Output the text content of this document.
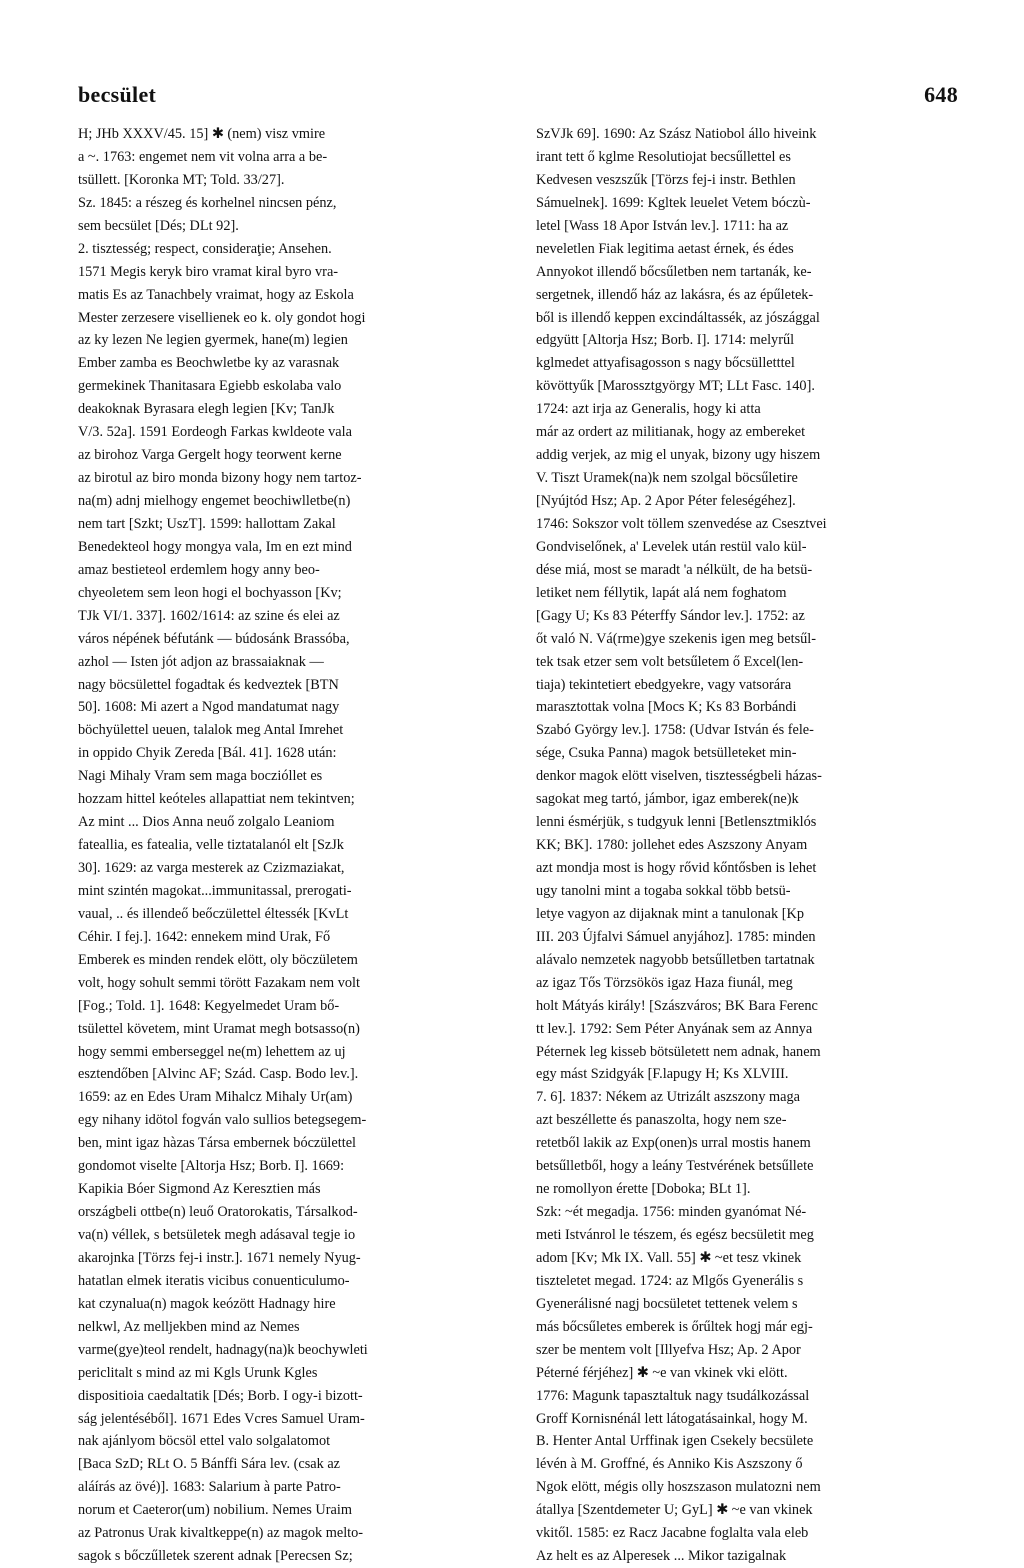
becsület	648
H; JHb XXXV/45. 15] ✱ (nem) visz vmire
a ~. 1763: engemet nem vit volna arra a be-
tsüllett. [Koronka MT; Told. 33/27].
Sz. 1845: a részeg és korhelnel nincsen pénz,
sem becsület [Dés; DLt 92].
2. tisztesség; respect, consideraţie; Ansehen.
1571 Megis keryk biro vramat kiral byro vra-
matis Es az Tanachbely vraimat, hogy az Eskola
Mester zerzesere visellienek eo k. oly gondot hogi
az ky lezen Ne legien gyermek, hane(m) legien
Ember zamba es Beochwletbe ky az varasnak
germekinek Thanitasara Egiebb eskolaba valo
deakoknak Byrasara elegh legien [Kv; TanJk
V/3. 52a]. 1591 Eordeogh Farkas kwldeote vala
az birohoz Varga Gergelt hogy teorwent kerne
az birotul az biro monda bizony hogy nem tartoz-
na(m) adnj mielhogy engemet beochiwlletbe(n)
nem tart [Szkt; UszT]. 1599: hallottam Zakal
Benedekteol hogy mongya vala, Im en ezt mind
amaz bestieteol erdemlem hogy anny beo-
chyeoletem sem leon hogi el bochyasson [Kv;
TJk VI/1. 337]. 1602/1614: az szine és elei az
város népének béfutánk — búdosánk Brassóba,
azhol — Isten jót adjon az brassaiaknak —
nagy böcsülettel fogadtak és kedveztek [BTN
50]. 1608: Mi azert a Ngod mandatumat nagy
böchyülettel ueuen, talalok meg Antal Imrehet
in oppido Chyik Zereda [Bál. 41]. 1628 után:
Nagi Mihaly Vram sem maga boczióllet es
hozzam hittel keóteles allapattiat nem tekintven;
Az mint ... Dios Anna neuő zolgalo Leaniom
fateallia, es fatealia, velle tiztatalanól elt [SzJk
30]. 1629: az varga mesterek az Czizmaziakat,
mint szintén magokat...immunitassal, prerogati-
vaual, .. és illendeő beőczülettel éltessék [KvLt
Céhir. I fej.]. 1642: ennekem mind Urak, Fő
Emberek es minden rendek elött, oly böczületem
volt, hogy sohult semmi törött Fazakam nem volt
[Fog.; Told. 1]. 1648: Kegyelmedet Uram bő-
tsülettel követem, mint Uramat megh botsasso(n)
hogy semmi emberseggel ne(m) lehettem az uj
esztendőben [Alvinc AF; Szád. Casp. Bodo lev.].
1659: az en Edes Uram Mihalcz Mihaly Ur(am)
egy nihany idötol fogván valo sullios betegsegem-
ben, mint igaz hàzas Társa embernek bóczülettel
gondomot viselte [Altorja Hsz; Borb. I]. 1669:
Kapikia Bóer Sigmond Az Keresztien más
országbeli ottbe(n) leuő Oratorokatis, Társalkod-
va(n) véllek, s betsületek megh adásaval tegje io
akarojnka [Törzs fej-i instr.]. 1671 nemely Nyug-
hatatlan elmek iteratis vicibus conuenticulumo-
kat czynalua(n) magok keózött Hadnagy hire
nelkwl, Az melljekben mind az Nemes
varme(gye)teol rendelt, hadnagy(na)k beochywleti
periclitalt s mind az mi Kgls Urunk Kgles
dispositioia caedaltatik [Dés; Borb. I ogy-i bizott-
ság jelentéséből]. 1671 Edes Vcres Samuel Uram-
nak ajánlyom böcsöl ettel valo solgalatomot
[Baca SzD; RLt O. 5 Bánffi Sára lev. (csak az
aláírás az övé)]. 1683: Salarium à parte Patro-
norum et Caeteror(um) nobilium. Nemes Uraim
az Patronus Urak kivaltkeppe(n) az magok melto-
sagok s bőczűlletek szerent adnak [Perecsen Sz;
SzVJk 69]. 1690: Az Szász Natiobol állo hiveink
irant tett ő kglme Resolutiojat becsűllettel es
Kedvesen veszszűk [Törzs fej-i instr. Bethlen
Sámuelnek]. 1699: Kgltek leuelet Vetem bóczù-
letel [Wass 18 Apor István lev.]. 1711: ha az
neveletlen Fiak legitima aetast érnek, és édes
Annyokot illendő bőcsűletben nem tartanák, ke-
sergetnek, illendő ház az lakásra, és az épűletek-
ből is illendő keppen excindáltassék, az jószággal
edgyütt [Altorja Hsz; Borb. I]. 1714: melyrűl
kglmedet attyafisagosson s nagy bőcsülletttel
kövöttyűk [Marossztgyörgy MT; LLt Fasc. 140].
1724: azt irja az Generalis, hogy ki atta
már az ordert az militianak, hogy az embereket
addig verjek, az mig el unyak, bizony ugy hiszem
V. Tiszt Uramek(na)k nem szolgal böcsűletire
[Nyújtód Hsz; Ap. 2 Apor Péter feleségéhez].
1746: Sokszor volt töllem szenvedése az Csesztvei
Gondviselőnek, a' Levelek után restül valo kül-
dése miá, most se maradt 'a nélkült, de ha betsü-
letiket nem féllytik, lapát alá nem foghatom
[Gagy U; Ks 83 Péterffy Sándor lev.]. 1752: az
őt való N. Vá(rme)gye szekenis igen meg betsűl-
tek tsak etzer sem volt betsűletem ő Excel(len-
tiaja) tekintetiert ebedgyekre, vagy vatsorára
marasztottak volna [Mocs K; Ks 83 Borbándi
Szabó György lev.]. 1758: (Udvar István és fele-
sége, Csuka Panna) magok betsülleteket min-
denkor magok elött viselven, tisztességbeli házas-
sagokat meg tartó, jámbor, igaz emberek(ne)k
lenni ésmérjük, s tudgyuk lenni [Betlensztmiklós
KK; BK]. 1780: jollehet edes Aszszony Anyam
azt mondja most is hogy rővid kőntősben is lehet
ugy tanolni mint a togaba sokkal több betsü-
letye vagyon az dijaknak mint a tanulonak [Kp
III. 203 Újfalvi Sámuel anyjához]. 1785: minden
alávalo nemzetek nagyobb betsűlletben tartatnak
az igaz Tős Törzsökös igaz Haza fiunál, meg
holt Mátyás király! [Szászváros; BK Bara Ferenc
tt lev.]. 1792: Sem Péter Anyának sem az Annya
Péternek leg kisseb bötsületett nem adnak, hanem
egy mást Szidgyák [F.lapugy H; Ks XLVIII.
7. 6]. 1837: Nékem az Utrizált aszszony maga
azt beszéllette és panaszolta, hogy nem sze-
retetből lakik az Exp(onen)s urral mostis hanem
betsűlletből, hogy a leány Testvérének betsűllete
ne romollyon érette [Doboka; BLt 1].
Szk: ~ét megadja. 1756: minden gyanómat Né-
meti Istvánrol le tészem, és egész becsületit meg
adom [Kv; Mk IX. Vall. 55] ✱ ~et tesz vkinek
tiszteletet megad. 1724: az Mlgős Gyenerális s
Gyenerálisné nagj bocsületet tettenek velem s
más bőcsűletes emberek is őrűltek hogj már egj-
szer be mentem volt [Illyefva Hsz; Ap. 2 Apor
Péterné férjéhez] ✱ ~e van vkinek vki elött.
1776: Magunk tapasztaltuk nagy tsudálkozással
Groff Kornisnénál lett látogatásainkal, hogy M.
B. Henter Antal Urffinak igen Csekely becsülete
lévén à M. Groffné, és Anniko Kis Aszszony ő
Ngok elött, mégis olly hoszszason mulatozni nem
átallya [Szentdemeter U; GyL] ✱ ~e van vkinek
vkitől. 1585: ez Racz Jacabne foglalta vala eleb
Az helt es az Alperesek ... Mikor tazigalnak
